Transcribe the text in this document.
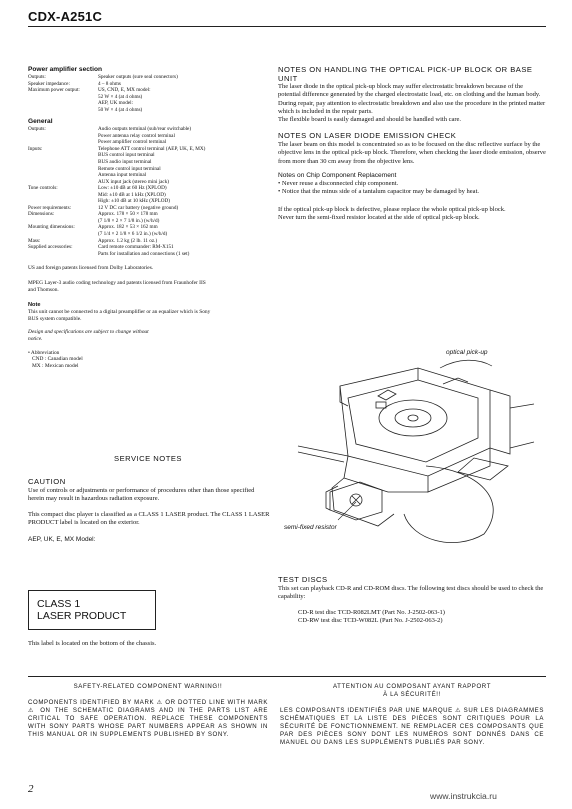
CDX-A251C
Power amplifier section
Outputs:	Speaker outputs (sure seal connectors)
Speaker impedance:	4 – 8 ohms
Maximum power output:	US, CND, E, MX model:
	52 W × 4 (at 4 ohms)
	AEP, UK model:
	50 W × 4 (at 4 ohms)
General
Outputs:	Audio outputs terminal (sub/rear switchable)
	Power antenna relay control terminal
	Power amplifier control terminal
Inputs:	Telephone ATT control terminal (AEP, UK, E, MX)
	BUS control input terminal
	BUS audio input terminal
	Remote control input terminal
	Antenna input terminal
	AUX input jack (stereo mini jack)
Tone controls:	Low: ±10 dB at 60 Hz (XPLOD)
	Mid: ±10 dB at 1 kHz (XPLOD)
	High: ±10 dB at 10 kHz (XPLOD)
Power requirements:	12 V DC car battery (negative ground)
Dimensions:	Approx. 178 × 50 × 178 mm
	(7 1/8 × 2 × 7 1/8 in.) (w/h/d)
Mounting dimensions:	Approx. 182 × 53 × 162 mm
	(7 1/4 × 2 1/8 × 6 1/2 in.) (w/h/d)
Mass:	Approx. 1.2 kg (2 lb. 11 oz.)
Supplied accessories:	Card remote commander: RM-X151
	Parts for installation and connections (1 set)
US and foreign patents licensed from Dolby Laboratories.
MPEG Layer-3 audio coding technology and patents licensed from Fraunhofer IIS and Thomson.
Note
This unit cannot be connected to a digital preamplifier or an equalizer which is Sony BUS system compatible.
Design and specifications are subject to change without notice.
• Abbreviation
CND : Canadian model
MX : Mexican model
SERVICE NOTES
CAUTION
Use of controls or adjustments or performance of procedures other than those specified herein may result in hazardous radiation exposure.
This compact disc player is classified as a CLASS 1 LASER product. The CLASS 1 LASER PRODUCT label is located on the exterior.
AEP, UK, E, MX Model:
CLASS 1
LASER PRODUCT
This label is located on the bottom of the chassis.
NOTES ON HANDLING THE OPTICAL PICK-UP BLOCK OR BASE UNIT
The laser diode in the optical pick-up block may suffer electrostatic breakdown because of the potential difference generated by the charged electrostatic load, etc. on clothing and the human body. During repair, pay attention to electrostatic breakdown and also use the procedure in the printed matter which is included in the repair parts.
The flexible board is easily damaged and should be handled with care.
NOTES ON LASER DIODE EMISSION CHECK
The laser beam on this model is concentrated so as to be focused on the disc reflective surface by the objective lens in the optical pick-up block. Therefore, when checking the laser diode emission, observe from more than 30 cm away from the objective lens.
Notes on Chip Component Replacement
• Never reuse a disconnected chip component.
• Notice that the minus side of a tantalum capacitor may be damaged by heat.
If the optical pick-up block is defective, please replace the whole optical pick-up block.
Never turn the semi-fixed resistor located at the side of optical pick-up block.
optical pick-up
semi-fixed resistor
TEST DISCS
This set can playback CD-R and CD-ROM discs. The following test discs should be used to check the capability:
CD-R test disc TCD-R082LMT (Part No. J-2502-063-1)
CD-RW test disc TCD-W082L (Part No. J-2502-063-2)
SAFETY-RELATED COMPONENT WARNING!!
COMPONENTS IDENTIFIED BY MARK ⚠ OR DOTTED LINE WITH MARK ⚠ ON THE SCHEMATIC DIAGRAMS AND IN THE PARTS LIST ARE CRITICAL TO SAFE OPERATION. REPLACE THESE COMPONENTS WITH SONY PARTS WHOSE PART NUMBERS APPEAR AS SHOWN IN THIS MANUAL OR IN SUPPLEMENTS PUBLISHED BY SONY.
ATTENTION AU COMPOSANT AYANT RAPPORT
À LA SÉCURITÉ!!
LES COMPOSANTS IDENTIFIÉS PAR UNE MARQUE ⚠ SUR LES DIAGRAMMES SCHÉMATIQUES ET LA LISTE DES PIÈCES SONT CRITIQUES POUR LA SÉCURITÉ DE FONCTIONNEMENT. NE REMPLACER CES COMPOSANTS QUE PAR DES PIÈCES SONY DONT LES NUMÉROS SONT DONNÉS DANS CE MANUEL OU DANS LES SUPPLÉMENTS PUBLIÉS PAR SONY.
2
www.instrukcia.ru
